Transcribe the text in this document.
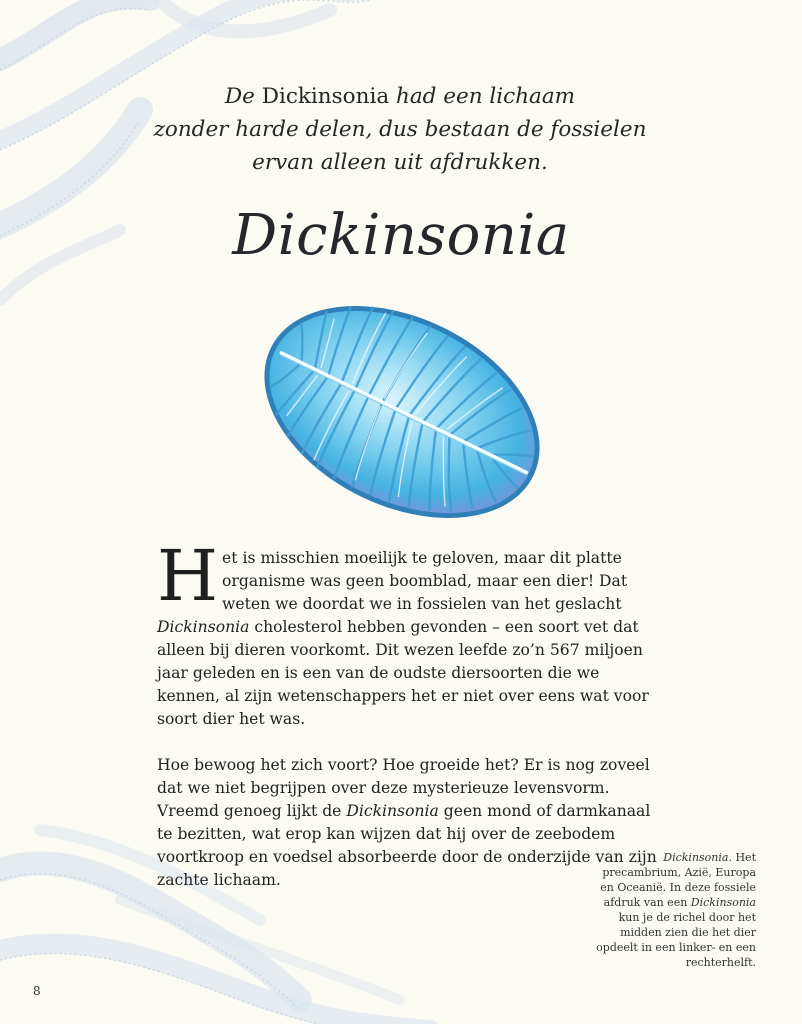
De Dickinsonia had een lichaam
zonder harde delen, dus bestaan de fossielen
ervan alleen uit afdrukken.
Dickinsonia

Het is misschien moeilijk te geloven, maar dit platte organisme was geen boomblad, maar een dier! Dat weten we doordat we in fossielen van het geslacht Dickinsonia cholesterol hebben gevonden – een soort vet dat alleen bij dieren voorkomt. Dit wezen leefde zo’n 567 miljoen jaar geleden en is een van de oudste diersoorten die we kennen, al zijn wetenschappers het er niet over eens wat voor soort dier het was.

Hoe bewoog het zich voort? Hoe groeide het? Er is nog zoveel dat we niet begrijpen over deze mysterieuze levensvorm. Vreemd genoeg lijkt de Dickinsonia geen mond of darmkanaal te bezitten, wat erop kan wijzen dat hij over de zeebodem voortkroop en voedsel absorbeerde door de onderzijde van zijn zachte lichaam.

Dickinsonia. Het precambrium, Azië, Europa en Oceanië. In deze fossiele afdruk van een Dickinsonia kun je de richel door het midden zien die het dier opdeelt in een linker- en een rechterhelft.
8
